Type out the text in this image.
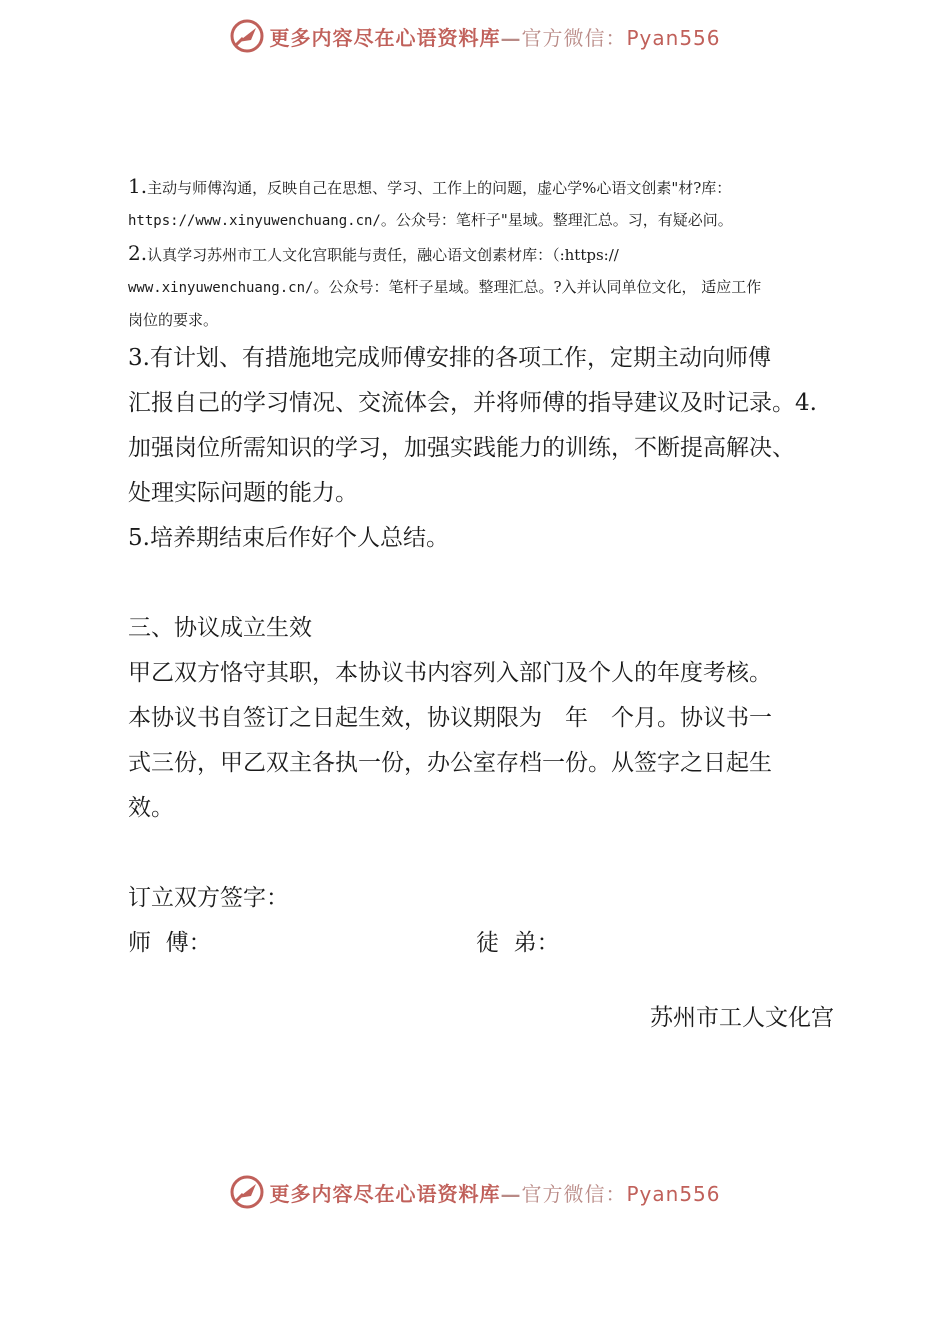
更多内容尽在心语资料库—官方微信：Pyan556
1.主动与师傅沟通，反映自己在思想、学习、工作上的问题，虚心学%心语文创素"材?库：
https://www.xinyuwenchuang.cn/。公众号：笔杆子"星域。整理汇总。习，有疑必问。
2.认真学习苏州市工人文化宫职能与责任，融心语文创素材库：（:https://
www.xinyuwenchuang.cn/。公众号：笔杆子星域。整理汇总。?入并认同单位文化， 适应工作
岗位的要求。
3.有计划、有措施地完成师傅安排的各项工作，定期主动向师傅
汇报自己的学习情况、交流体会，并将师傅的指导建议及时记录。4.
加强岗位所需知识的学习，加强实践能力的训练，不断提高解决、
处理实际问题的能力。
5.培养期结束后作好个人总结。
三、协议成立生效
甲乙双方恪守其职，本协议书内容列入部门及个人的年度考核。
本协议书自签订之日起生效，协议期限为　年　个月。协议书一
式三份，甲乙双主各执一份，办公室存档一份。从签字之日起生
效。
订立双方签字：
师  傅：	徒  弟：
苏州市工人文化宫
更多内容尽在心语资料库—官方微信：Pyan556
